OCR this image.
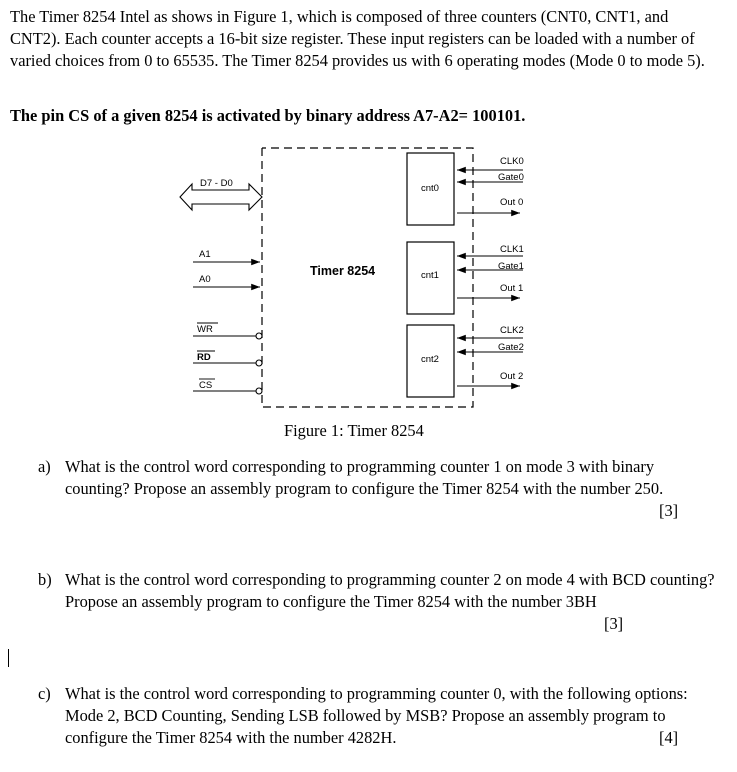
The Timer 8254 Intel as shows in Figure 1, which is composed of three counters (CNT0, CNT1, and CNT2). Each counter accepts a 16-bit size register. These input registers can be loaded with a number of varied choices from 0 to 65535. The Timer 8254 provides us with 6 operating modes (Mode 0 to mode 5).

The pin CS of a given 8254 is activated by binary address A7-A2= 100101.

Timer 8254
cnt0
cnt1
cnt2
D7 - D0
A1
A0
WR
RD
CS
CLK0
Gate0
Out 0
CLK1
Gate1
Out 1
CLK2
Gate2
Out 2

Figure 1: Timer 8254

a) What is the control word corresponding to programming counter 1 on mode 3 with binary counting? Propose an assembly program to configure the Timer 8254 with the number 250.
[3]
b) What is the control word corresponding to programming counter 2 on mode 4 with BCD counting? Propose an assembly program to configure the Timer 8254 with the number 3BH
[3]
c) What is the control word corresponding to programming counter 0, with the following options: Mode 2, BCD Counting, Sending LSB followed by MSB? Propose an assembly program to configure the Timer 8254 with the number 4282H.	[4]
